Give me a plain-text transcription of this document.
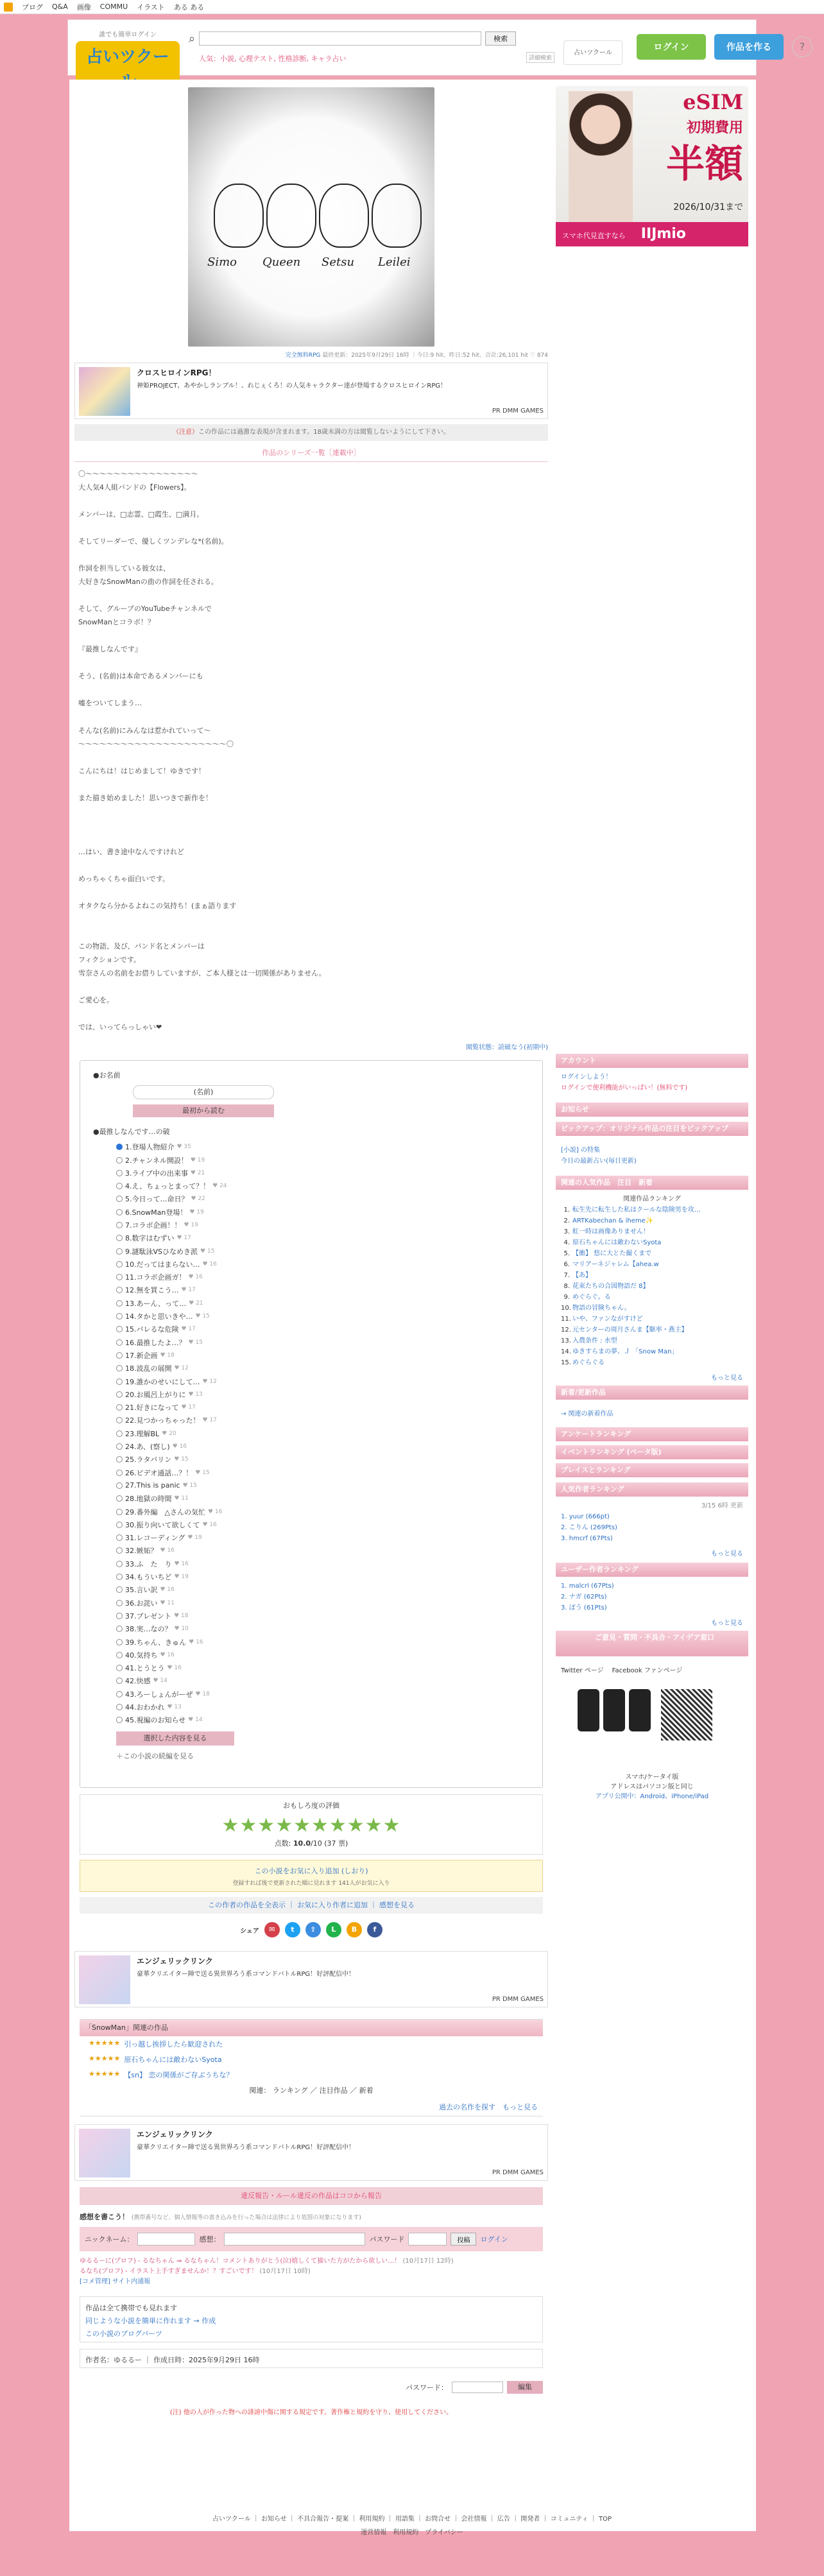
ブログ Q&A 画像 COMMU イラスト ある ある
誰でも簡単ログイン
占いツクー
⌕	検索
人気：小説, 心理テスト, 性格診断, キャラ占い	詳細検索
占いツクール
ログイン	作品を作る	?
Simo Queen Setsu Leilei
完全無料RPG 最終更新：2025年9月29日 16時 ｜今日:9 hit、昨日:52 hit、合計:26,101 hit ♡ 874
クロスヒロインRPG！
神姫PROJECT、あやかしランブル！、れじぇくろ！の人気キャラクター達が登場するクロスヒロインRPG！
PR DMM GAMES
（注意）この作品には過激な表現が含まれます。18歳未満の方は閲覧しないようにして下さい。
作品のシリーズ一覧［連載中］

〇〜〜〜〜〜〜〜〜〜〜〜〜〜〜〜〜

大人気4人組バンドの【Flowers】。

メンバーは、□志霊、□霞生、□満月。

そしてリーダーで、優しくツンデレな*(名前)。

作詞を担当している彼女は、

大好きなSnowManの曲の作詞を任される。

そして、グループのYouTubeチャンネルで

SnowManとコラボ！？

『最推しなんです』

そう、(名前)は本命であるメンバーにも

嘘をついてしまう…

そんな(名前)にみんなは惹かれていって〜

〜〜〜〜〜〜〜〜〜〜〜〜〜〜〜〜〜〜〜〜〜〇

こんにちは！はじめまして！ゆきです！

また描き始めました！思いつきで新作を！

…はい、書き途中なんですけれど

めっちゃくちゃ面白いです。

オタクなら分かるよねこの気持ち！(まぁ語ります

この物語、及び、バンド名とメンバーは

フィクションです。

雪奈さんの名前をお借りしていますが、ご本人様とは一切関係がありません。

ご愛心を。

では、いってらっしゃい❤

閲覧状態：読破なう(初期中)
●お名前
(名前)
最初から読む
●最推しなんです…の破
1.登場人物紹介 ♥ 35
2.チャンネル開設！ ♥ 19
3.ライブ中の出来事 ♥ 21
4.え、ちょっとまって？！ ♥ 24
5.今日って…命日？ ♥ 22
6.SnowMan登場！ ♥ 19
7.コラボ企画！！ ♥ 19
8.数字はむずい ♥ 17
9.謎駄泳VSひなめき派 ♥ 15
10.だってはまらない… ♥ 16
11.コラボ企画ガ！ ♥ 16
12.無を買こう… ♥ 17
13.あーん、って… ♥ 21
14.タかと思いきや… ♥ 15
15.バレるな危険 ♥ 17
16.最推したよ…？ ♥ 15
17.新企画 ♥ 18
18.波乱の展開 ♥ 12
19.誰かのせいにして… ♥ 12
20.お風呂上がりに ♥ 13
21.好きになって ♥ 17
22.見つかっちゃった！ ♥ 17
23.理解BL ♥ 20
24.あ、(察し) ♥ 16
25.ラタバリン ♥ 15
26.ビデオ通話…？！ ♥ 15
27.This is panic ♥ 15
28.地獄の時間 ♥ 11
29.番外編　△さんの気忙 ♥ 16
30.振り向いて欲しくて ♥ 16
31.レコーディング ♥ 19
32.嫉妬？ ♥ 16
33.ふ　た　り ♥ 16
34.もういちど ♥ 19
35.言い訳 ♥ 16
36.お詫い ♥ 11
37.ブレゼント ♥ 18
38.実…なの？ ♥ 10
39.ちゃん、きゅん ♥ 16
40.気持ち ♥ 16
41.とうとう ♥ 16
42.快感 ♥ 14
43.ろーしょんがーぜ ♥ 18
44.おわかれ ♥ 13
45.視編のお知らせ ♥ 14
選択した内容を見る
＋この小説の続編を見る
おもしろ度の評価
★★★★★★★★★★
点数: 10.0/10 (37 票)
この小説をお気に入り追加 (しおり)
登録すれば後で更新された順に見れます 141人がお気に入り
この作者の作品を全表示 ｜ お気に入り作者に追加 ｜ 感想を見る
シェア	✉	t	⇪	L	B	f
エンジェリックリンク
豪華クリエイター陣で送る異世界ろう系コマンドバトルRPG！好評配信中！
PR DMM GAMES
「SnowMan」関連の作品
★★★★★ 引っ越し挨拶したら歓迎された
★★★★★ 原石ちゃんには敵わないSyota
★★★★★ 【sn】 恋の関係がご存ぶうちな？
関連： ランキング ／ 注目作品 ／ 新着
過去の名作を探す　もっと見る
エンジェリックリンク
豪華クリエイター陣で送る異世界ろう系コマンドバトルRPG！好評配信中！
PR DMM GAMES
違反報告・ルール違反の作品はココから報告
感想を書こう！ (携帯番号など、個人情報等の書き込みを行った場合は法律により処罰の対象になります)
ニックネーム：	感想：	パスワード	投稿	ログイン
ゆるるーに(プロフ) - るなちゃん ⇒ るなちゃん！コメントありがとう(泣)嬉しくて描いた方がたから欲しい…！ (10月17日 12時)
るなち(プロフ) - イラスト上手すぎませんか！？すごいです！ (10月17日 10時)
[コメ管理] サイト内通報
作品は全て携帯でも見れます
同じような小説を簡単に作れます → 作成
この小説のブログパーツ
作者名：ゆるるー ｜ 作成日時：2025年9月29日 16時
パスワード：	編集
(注) 他の人が作った物への誹謗中傷に関する規定です。著作権と規約を守り、使用してください。
eSIM
初期費用
半額
2026/10/31まで
スマホ代見直すなら IIJmio
アカウント
ログインしよう！
ログインで便利機能がいっぱい！(無料です)
お知らせ
ピックアップ：オリジナル作品の注目をピックアップ
[小説] の特集
今日の最新占い(毎日更新)
関連の人気作品　注目　新着
関連作品ランキング
1. 転生先に転生した私はクールな陰険男を攻…
2. ARTKabechan & iheme✨
3. 虹一時は画像ありません！
4. 原石ちゃんには敵わないSyota
5. 【衝】 悠に大とた撮くまで
6. マリアーネジャレム【ahea.w
7. 【あ】
8. 花束たちの合図物語だ 8】
9. めぐらぐ。る
10. 物語の冒険ちゃん。
11. いや、ファンながすけど
12. 元センターの周月さんま【駆率・燕主】
13. 入農条件 : 水型
14. ゆきすらまの夢、Ｊ 「Snow Man」
15. めぐらぐる
もっと見る
新着/更新作品
→ 関連の新着作品
アンケートランキング
イベントランキング (ベータ版)
プレイスとランキング
人気作者ランキング
3/15 6時 更新
1. yuur (666pt)
2. こりん (269Pts)
3. hmcrf (67Pts)
もっと見る
ユーザー作者ランキング
1. malcrl (67Pts)
2. ナガ (62Pts)
3. ぽう (61Pts)
もっと見る
ご意見・質問・不具合・アイデア窓口
Twitter ページ　 Facebook ファンページ
スマホ/ケータイ版
アドレスはパソコン版と同じ
アプリ公開中：Android、iPhone/iPad
占いツクール ｜ お知らせ ｜ 不具合報告・提案 ｜ 利用規約 ｜ 用語集 ｜ お問合せ ｜ 会社情報 ｜ 広告 ｜ 開発者 ｜ コミュニティ ｜ TOP
運営情報　利用規約　プライバシー
